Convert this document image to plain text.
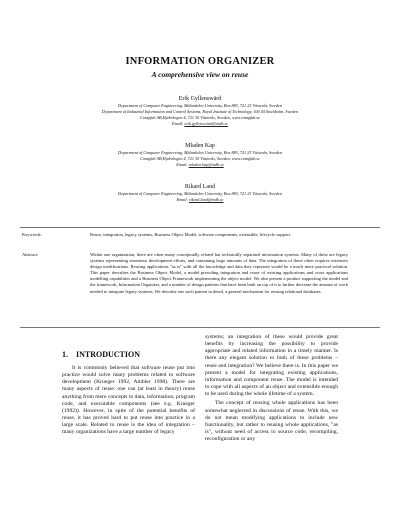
INFORMATION ORGANIZER
A comprehensive view on reuse
Erik Gyllenswärd
Department of Computer Engineering, Mälardalen University, Box 883, 721 23 Västerås, Sweden
Department of Industrial Information and Control Systems, Royal Institute of Technology, 100 44 Stockholm, Sweden
Compfab AB,Hydrologen 4, 721 30 Västerås, Sweden, www.compfab.se
Email: erik.gyllenswärd@mdh.se
Mladen Kap
Department of Computer Engineering, Mälardalen University, Box 883, 721 23 Västerås, Sweden
Compfab AB,Hydrologen 4, 721 30 Västerås, Sweden, www.compfab.se
Email: mladen.kap@mdh.se
Rikard Land
Department of Computer Engineering, Mälardalen University, Box 883, 721 23 Västerås, Sweden
Email: rikard.land@mdh.se
Keywords:	Reuse, integration, legacy systems, Business Object Model, software components, extensible, lifecycle support.
Abstract:	Within one organization, there are often many conceptually related but technically separated information systems. Many of these are legacy systems representing enormous development efforts, and containing large amounts of data. The integration of these often requires extensive design modifications. Reusing applications "as is" with all the knowledge and data they represent would be a much more practical solution. This paper describes the Business Object Model, a model providing integration and reuse of existing applications and cross applications modelling capabilities and a Business Object Framework implementing the object model. We also present a product supporting the model and the framework, Information Organizer, and a number of design patterns that have been built on top of it to further decrease the amount of work needed to integrate legacy systems. We describe one such pattern in detail, a general mechanism for reusing relational databases.
1. INTRODUCTION

It is commonly believed that software reuse put into practice would solve many problems related to software development (Krueger 1992, Ambler 1998). There are many aspects of reuse: one can (at least in theory) reuse anything from mere concepts to data, information, program code, and executable components (see e.g. Krueger (1992)). However, in spite of the potential benefits of reuse, it has proved hard to put reuse into practice in a large scale. Related to reuse is the idea of integration – many organizations have a large number of legacy

systems; an integration of these would provide great benefits by increasing the possibility to provide appropriate and related information in a timely manner. Is there any elegant solution to both of these problems – reuse and integration? We believe there is. In this paper we present a model for integrating existing applications, information and component reuse. The model is intended to cope with all aspects of an object and extensible enough to be used during the whole lifetime of a system.

The concept of reusing whole applications has been somewhat neglected in discussions of reuse. With this, we do not mean modifying applications to include new functionality, but rather to reusing whole applications, "as is", without need of access to source code, recompiling, reconfiguration or any
